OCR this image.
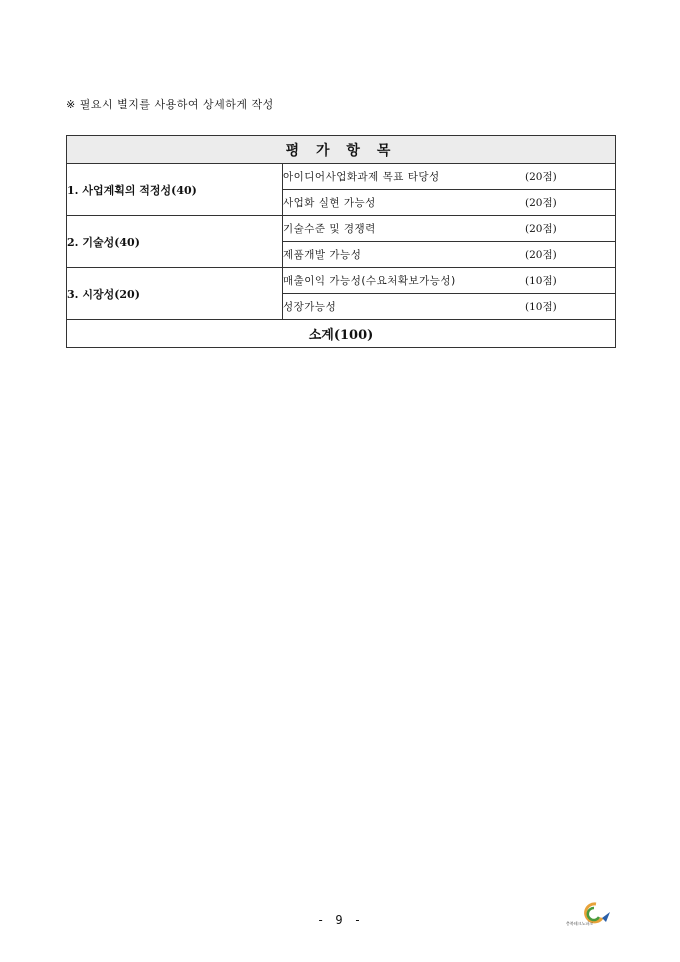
※ 필요시 별지를 사용하여 상세하게 작성
평 가 항 목	
1. 사업계획의 적정성(40)	아이디어사업화과제 목표 타당성 (20점)

	사업화 실현 가능성 (20점)

2. 기술성(40)	기술수준 및 경쟁력 (20점)

	제품개발 가능성 (20점)

3. 시장성(20)	매출이익 가능성(수요처확보가능성) (10점)

	성장가능성 (10점)

소계(100)	
- 9 -	충북테크노파크
